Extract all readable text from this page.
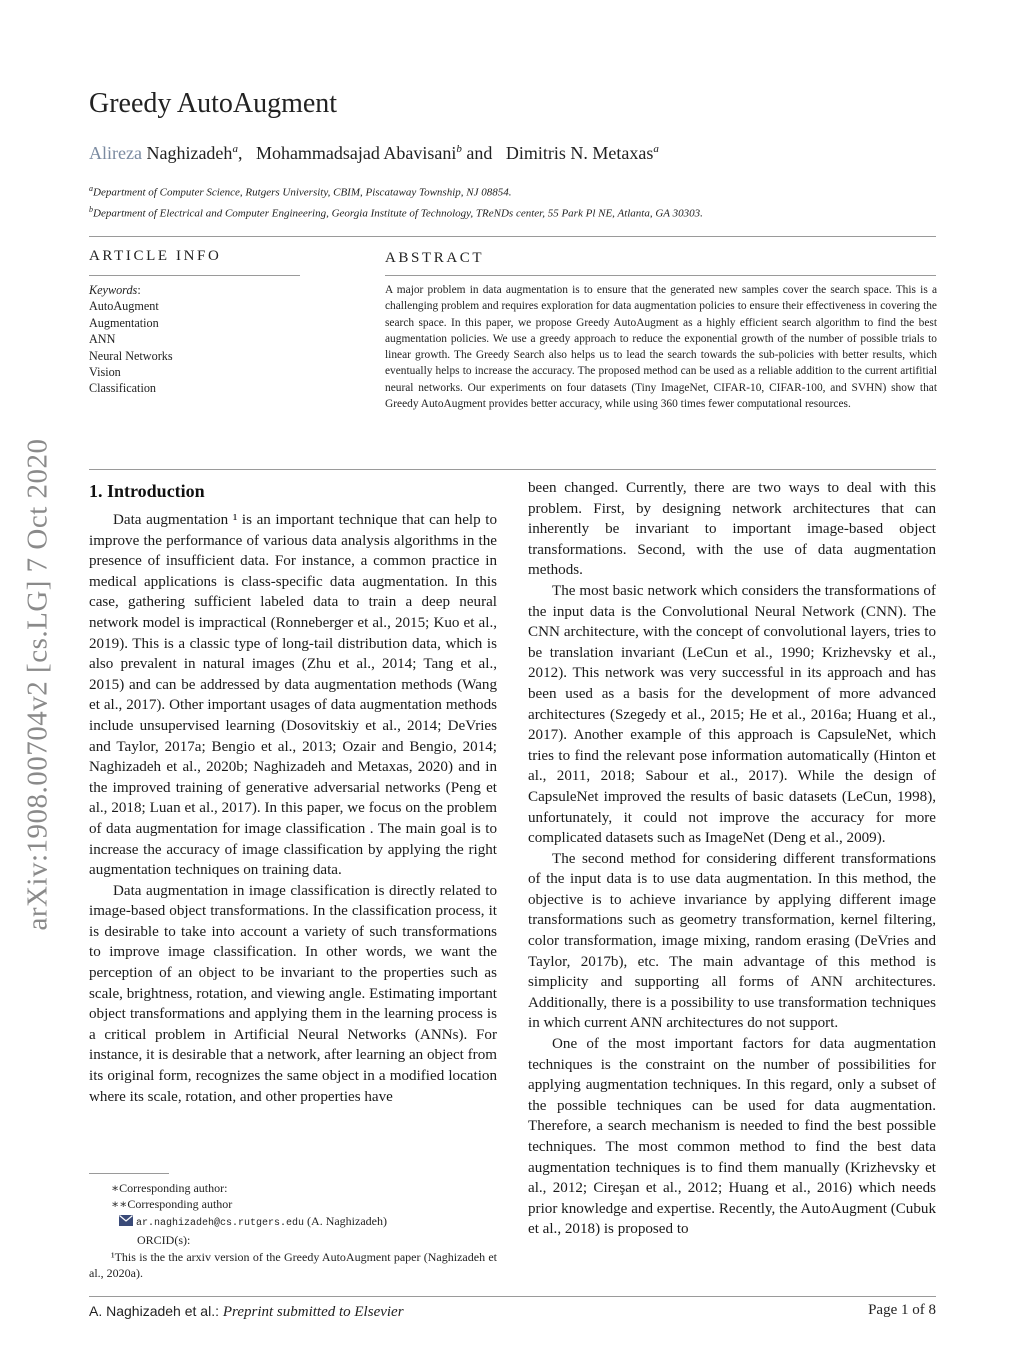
arXiv:1908.00704v2 [cs.LG] 7 Oct 2020
Greedy AutoAugment
Alireza Naghizadeh$^a$,   Mohammadsajad Abavisani$^b$ and Dimitris N. Metaxas$^a$
$^a$Department of Computer Science, Rutgers University, CBIM, Piscataway Township, NJ 08854.
$^b$Department of Electrical and Computer Engineering, Georgia Institute of Technology, TReNDs center, 55 Park Pl NE, Atlanta, GA 30303.
ARTICLE INFO
Keywords:
AutoAugment
Augmentation
ANN
Neural Networks
Vision
Classification
ABSTRACT
A major problem in data augmentation is to ensure that the generated new samples cover the search space. This is a challenging problem and requires exploration for data augmentation policies to ensure their effectiveness in covering the search space. In this paper, we propose Greedy AutoAugment as a highly efficient search algorithm to find the best augmentation policies. We use a greedy approach to reduce the exponential growth of the number of possible trials to linear growth. The Greedy Search also helps us to lead the search towards the sub-policies with better results, which eventually helps to increase the accuracy. The proposed method can be used as a reliable addition to the current artifitial neural networks. Our experiments on four datasets (Tiny ImageNet, CIFAR-10, CIFAR-100, and SVHN) show that Greedy AutoAugment provides better accuracy, while using 360 times fewer computational resources.
1. Introduction

Data augmentation ¹ is an important technique that can help to improve the performance of various data analysis algorithms in the presence of insufficient data. For instance, a common practice in medical applications is class-specific data augmentation. In this case, gathering sufficient labeled data to train a deep neural network model is impractical (Ronneberger et al., 2015; Kuo et al., 2019). This is a classic type of long-tail distribution data, which is also prevalent in natural images (Zhu et al., 2014; Tang et al., 2015) and can be addressed by data augmentation methods (Wang et al., 2017). Other important usages of data augmentation methods include unsupervised learning (Dosovitskiy et al., 2014; DeVries and Taylor, 2017a; Bengio et al., 2013; Ozair and Bengio, 2014; Naghizadeh et al., 2020b; Naghizadeh and Metaxas, 2020) and in the improved training of generative adversarial networks (Peng et al., 2018; Luan et al., 2017). In this paper, we focus on the problem of data augmentation for image classification . The main goal is to increase the accuracy of image classification by applying the right augmentation techniques on training data.

Data augmentation in image classification is directly related to image-based object transformations. In the classification process, it is desirable to take into account a variety of such transformations to improve image classification. In other words, we want the perception of an object to be invariant to the properties such as scale, brightness, rotation, and viewing angle. Estimating important object transformations and applying them in the learning process is a critical problem in Artificial Neural Networks (ANNs). For instance, it is desirable that a network, after learning an object from its original form, recognizes the same object in a modified location where its scale, rotation, and other properties have

been changed. Currently, there are two ways to deal with this problem. First, by designing network architectures that can inherently be invariant to important image-based object transformations. Second, with the use of data augmentation methods.

The most basic network which considers the transformations of the input data is the Convolutional Neural Network (CNN). The CNN architecture, with the concept of convolutional layers, tries to be translation invariant (LeCun et al., 1990; Krizhevsky et al., 2012). This network was very successful in its approach and has been used as a basis for the development of more advanced architectures (Szegedy et al., 2015; He et al., 2016a; Huang et al., 2017). Another example of this approach is CapsuleNet, which tries to find the relevant pose information automatically (Hinton et al., 2011, 2018; Sabour et al., 2017). While the design of CapsuleNet improved the results of basic datasets (LeCun, 1998), unfortunately, it could not improve the accuracy for more complicated datasets such as ImageNet (Deng et al., 2009).

The second method for considering different transformations of the input data is to use data augmentation. In this method, the objective is to achieve invariance by applying different image transformations such as geometry transformation, kernel filtering, color transformation, image mixing, random erasing (DeVries and Taylor, 2017b), etc. The main advantage of this method is simplicity and supporting all forms of ANN architectures. Additionally, there is a possibility to use transformation techniques in which current ANN architectures do not support.

One of the most important factors for data augmentation techniques is the constraint on the number of possibilities for applying augmentation techniques. In this regard, only a subset of the possible techniques can be used for data augmentation. Therefore, a search mechanism is needed to find the best possible techniques. The most common method to find the best data augmentation techniques is to find them manually (Krizhevsky et al., 2012; Cireşan et al., 2012; Huang et al., 2016) which needs prior knowledge and expertise. Recently, the AutoAugment (Cubuk et al., 2018) is proposed to

∗Corresponding author:
∗∗Corresponding author
ar.naghizadeh@cs.rutgers.edu (A. Naghizadeh)
ORCID(s):
¹This is the the arxiv version of the Greedy AutoAugment paper (Naghizadeh et al., 2020a).
A. Naghizadeh et al.: Preprint submitted to Elsevier	Page 1 of 8
